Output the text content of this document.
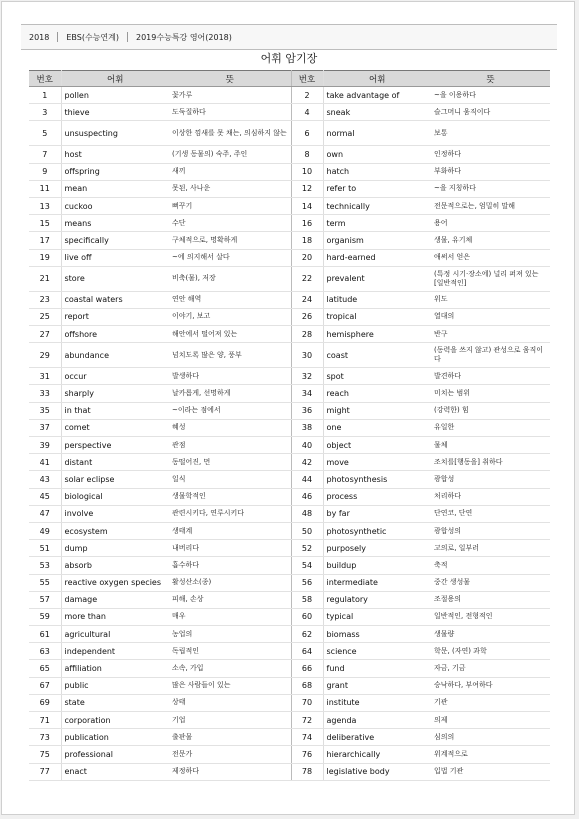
2018	EBS(수능연계)	2019수능특강 영어(2018)
어휘 암기장
번호	어휘	뜻	번호	어휘	뜻
1	pollen	꽃가루	2	take advantage of	~을 이용하다
3	thieve	도둑질하다	4	sneak	슬그머니 움직이다
5	unsuspecting	이상한 낌새를 못 채는, 의심하지 않는	6	normal	보통
7	host	(기생 동물의) 숙주, 주인	8	own	인정하다
9	offspring	새끼	10	hatch	부화하다
11	mean	못된, 사나운	12	refer to	~을 지칭하다
13	cuckoo	뻐꾸기	14	technically	전문적으로는, 엄밀히 말해
15	means	수단	16	term	용어
17	specifically	구체적으로, 명확하게	18	organism	생물, 유기체
19	live off	~에 의지해서 살다	20	hard-earned	애써서 얻은
21	store	비축(물), 저장	22	prevalent	(특정 시기·장소에) 널리 퍼져 있는[일반적인]
23	coastal waters	연안 해역	24	latitude	위도
25	report	이야기, 보고	26	tropical	열대의
27	offshore	해안에서 떨어져 있는	28	hemisphere	반구
29	abundance	넘치도록 많은 양, 풍부	30	coast	(동력을 쓰지 않고) 관성으로 움직이다
31	occur	발생하다	32	spot	발견하다
33	sharply	날카롭게, 선명하게	34	reach	미치는 범위
35	in that	~이라는 점에서	36	might	(강력한) 힘
37	comet	혜성	38	one	유일한
39	perspective	관점	40	object	물체
41	distant	동떨어진, 먼	42	move	조치를[행동을] 취하다
43	solar eclipse	일식	44	photosynthesis	광합성
45	biological	생물학적인	46	process	처리하다
47	involve	관련시키다, 연루시키다	48	by far	단연코, 단연
49	ecosystem	생태계	50	photosynthetic	광합성의
51	dump	내버리다	52	purposely	고의로, 일부러
53	absorb	흡수하다	54	buildup	축적
55	reactive oxygen species	활성산소(종)	56	intermediate	중간 생성물
57	damage	피해, 손상	58	regulatory	조절용의
59	more than	매우	60	typical	일반적인, 전형적인
61	agricultural	농업의	62	biomass	생물량
63	independent	독립적인	64	science	학문, (자연) 과학
65	affiliation	소속, 가입	66	fund	자금, 기금
67	public	많은 사람들이 있는	68	grant	승낙하다, 부여하다
69	state	상태	70	institute	기관
71	corporation	기업	72	agenda	의제
73	publication	출판물	74	deliberative	심의의
75	professional	전문가	76	hierarchically	위계적으로
77	enact	제정하다	78	legislative body	입법 기관
